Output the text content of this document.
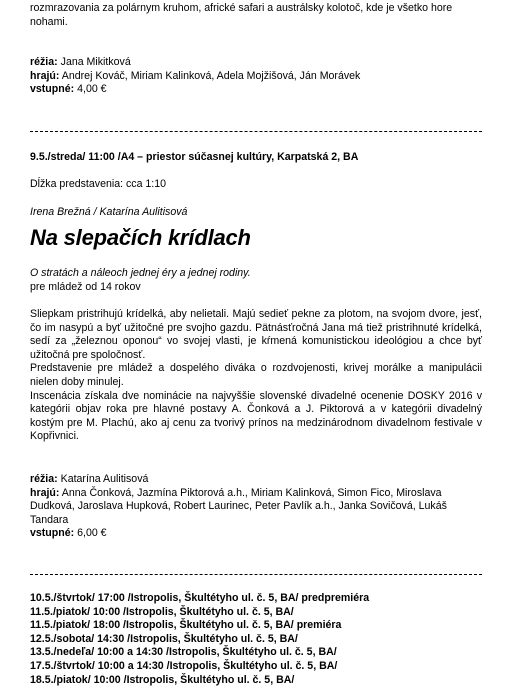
rozmrazovania za polárnym kruhom, africké safari a austrálsky kolotoč, kde je všetko hore

nohami.

réžia: Jana Mikitková

hrajú: Andrej Kováč, Miriam Kalinková, Adela Mojžišová, Ján Morávek

vstupné: 4,00 €

9.5./streda/ 11:00 /A4 – priestor súčasnej kultúry, Karpatská 2, BA

Dĺžka predstavenia: cca 1:10

Irena Brežná / Katarína Aulitisová

Na slepačích krídlach

O stratách a náleoch jednej éry a jednej rodiny.

pre mládež od 14 rokov

Sliepkam pristrihujú krídelká, aby nelietali. Majú sedieť pekne za plotom, na svojom dvore, jesť, čo im nasypú a byť užitočné pre svojho gazdu. Pätnásťročná Jana má tiež pristrihnuté krídelká, sedí za „železnou oponou“ vo svojej vlasti, je kŕmená komunistickou ideológiou a chce byť užitočná pre spoločnosť.

Predstavenie pre mládež a dospelého diváka o rozdvojenosti, krivej morálke a manipulácii nielen doby minulej.

Inscenácia získala dve nominácie na najvyššie slovenské divadelné ocenenie DOSKY 2016 v kategórii objav roka pre hlavné postavy A. Čonková a J. Piktorová a v kategórii divadelný kostým pre M. Plachú, ako aj cenu za tvorivý prínos na medzinárodnom divadelnom festivale v Kopřivnici.

réžia: Katarína Aulitisová

hrajú: Anna Čonková, Jazmína Piktorová a.h., Miriam Kalinková, Simon Fico, Miroslava Dudková, Jaroslava Hupková, Robert Laurinec, Peter Pavlík a.h., Janka Sovičová, Lukáš Tandara

vstupné: 6,00 €

10.5./štvrtok/ 17:00 /Istropolis, Škultétyho ul. č. 5, BA/ predpremiéra

11.5./piatok/ 10:00 /Istropolis, Škultétyho ul. č. 5, BA/

11.5./piatok/ 18:00 /Istropolis, Škultétyho ul. č. 5, BA/ premiéra

12.5./sobota/ 14:30 /Istropolis, Škultétyho ul. č. 5, BA/

13.5./nedeľa/ 10:00 a 14:30 /Istropolis, Škultétyho ul. č. 5, BA/

17.5./štvrtok/ 10:00 a 14:30 /Istropolis, Škultétyho ul. č. 5, BA/

18.5./piatok/ 10:00 /Istropolis, Škultétyho ul. č. 5, BA/
